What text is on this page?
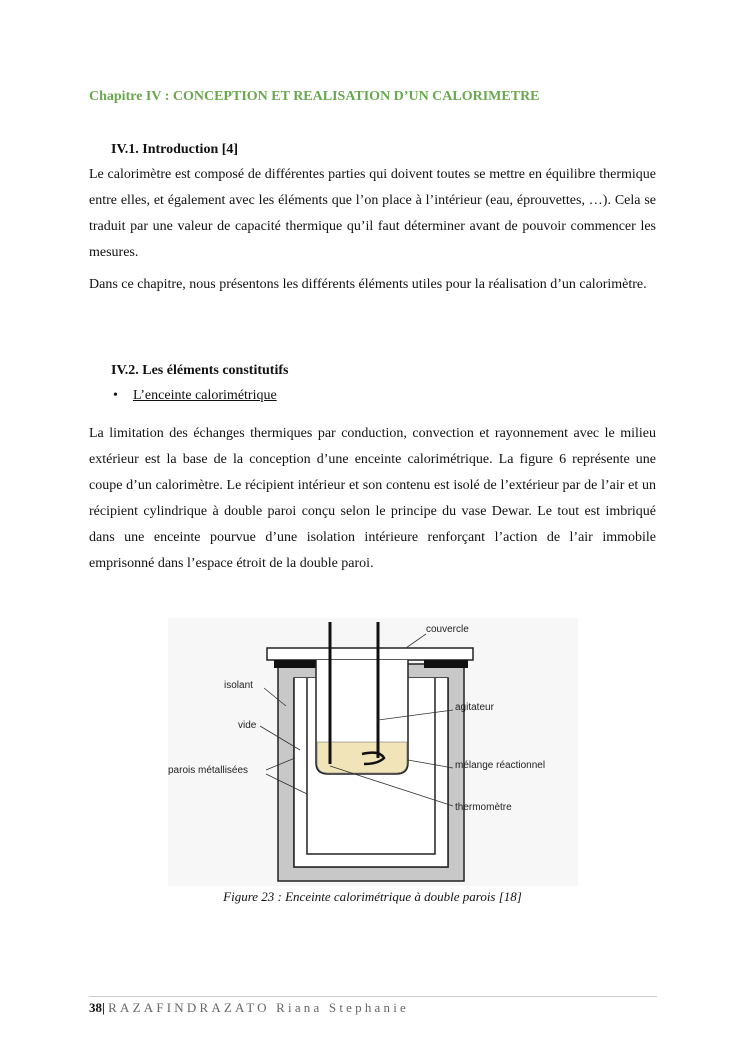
Chapitre IV : CONCEPTION ET REALISATION D’UN CALORIMETRE
IV.1. Introduction [4]

Le calorimètre est composé de différentes parties qui doivent toutes se mettre en équilibre thermique entre elles, et également avec les éléments que l’on place à l’intérieur (eau, éprouvettes, …). Cela se traduit par une valeur de capacité thermique qu’il faut déterminer avant de pouvoir commencer les mesures.

Dans ce chapitre, nous présentons les différents éléments utiles pour la réalisation d’un calorimètre.

IV.2. Les éléments constitutifs
• L’enceinte calorimétrique

La limitation des échanges thermiques par conduction, convection et rayonnement avec le milieu extérieur est la base de la conception d’une enceinte calorimétrique. La figure 6 représente une coupe d’un calorimètre. Le récipient intérieur et son contenu est isolé de l’extérieur par de l’air et un récipient cylindrique à double paroi conçu selon le principe du vase Dewar. Le tout est imbriqué dans une enceinte pourvue d’une isolation intérieure renforçant l’action de l’air immobile emprisonné dans l’espace étroit de la double paroi.

couvercle
isolant
vide
parois métallisées
agitateur
mélange réactionnel
thermomètre
Figure 23 : Enceinte calorimétrique à double parois [18]
38| RAZAFINDRAZATO Riana Stephanie
